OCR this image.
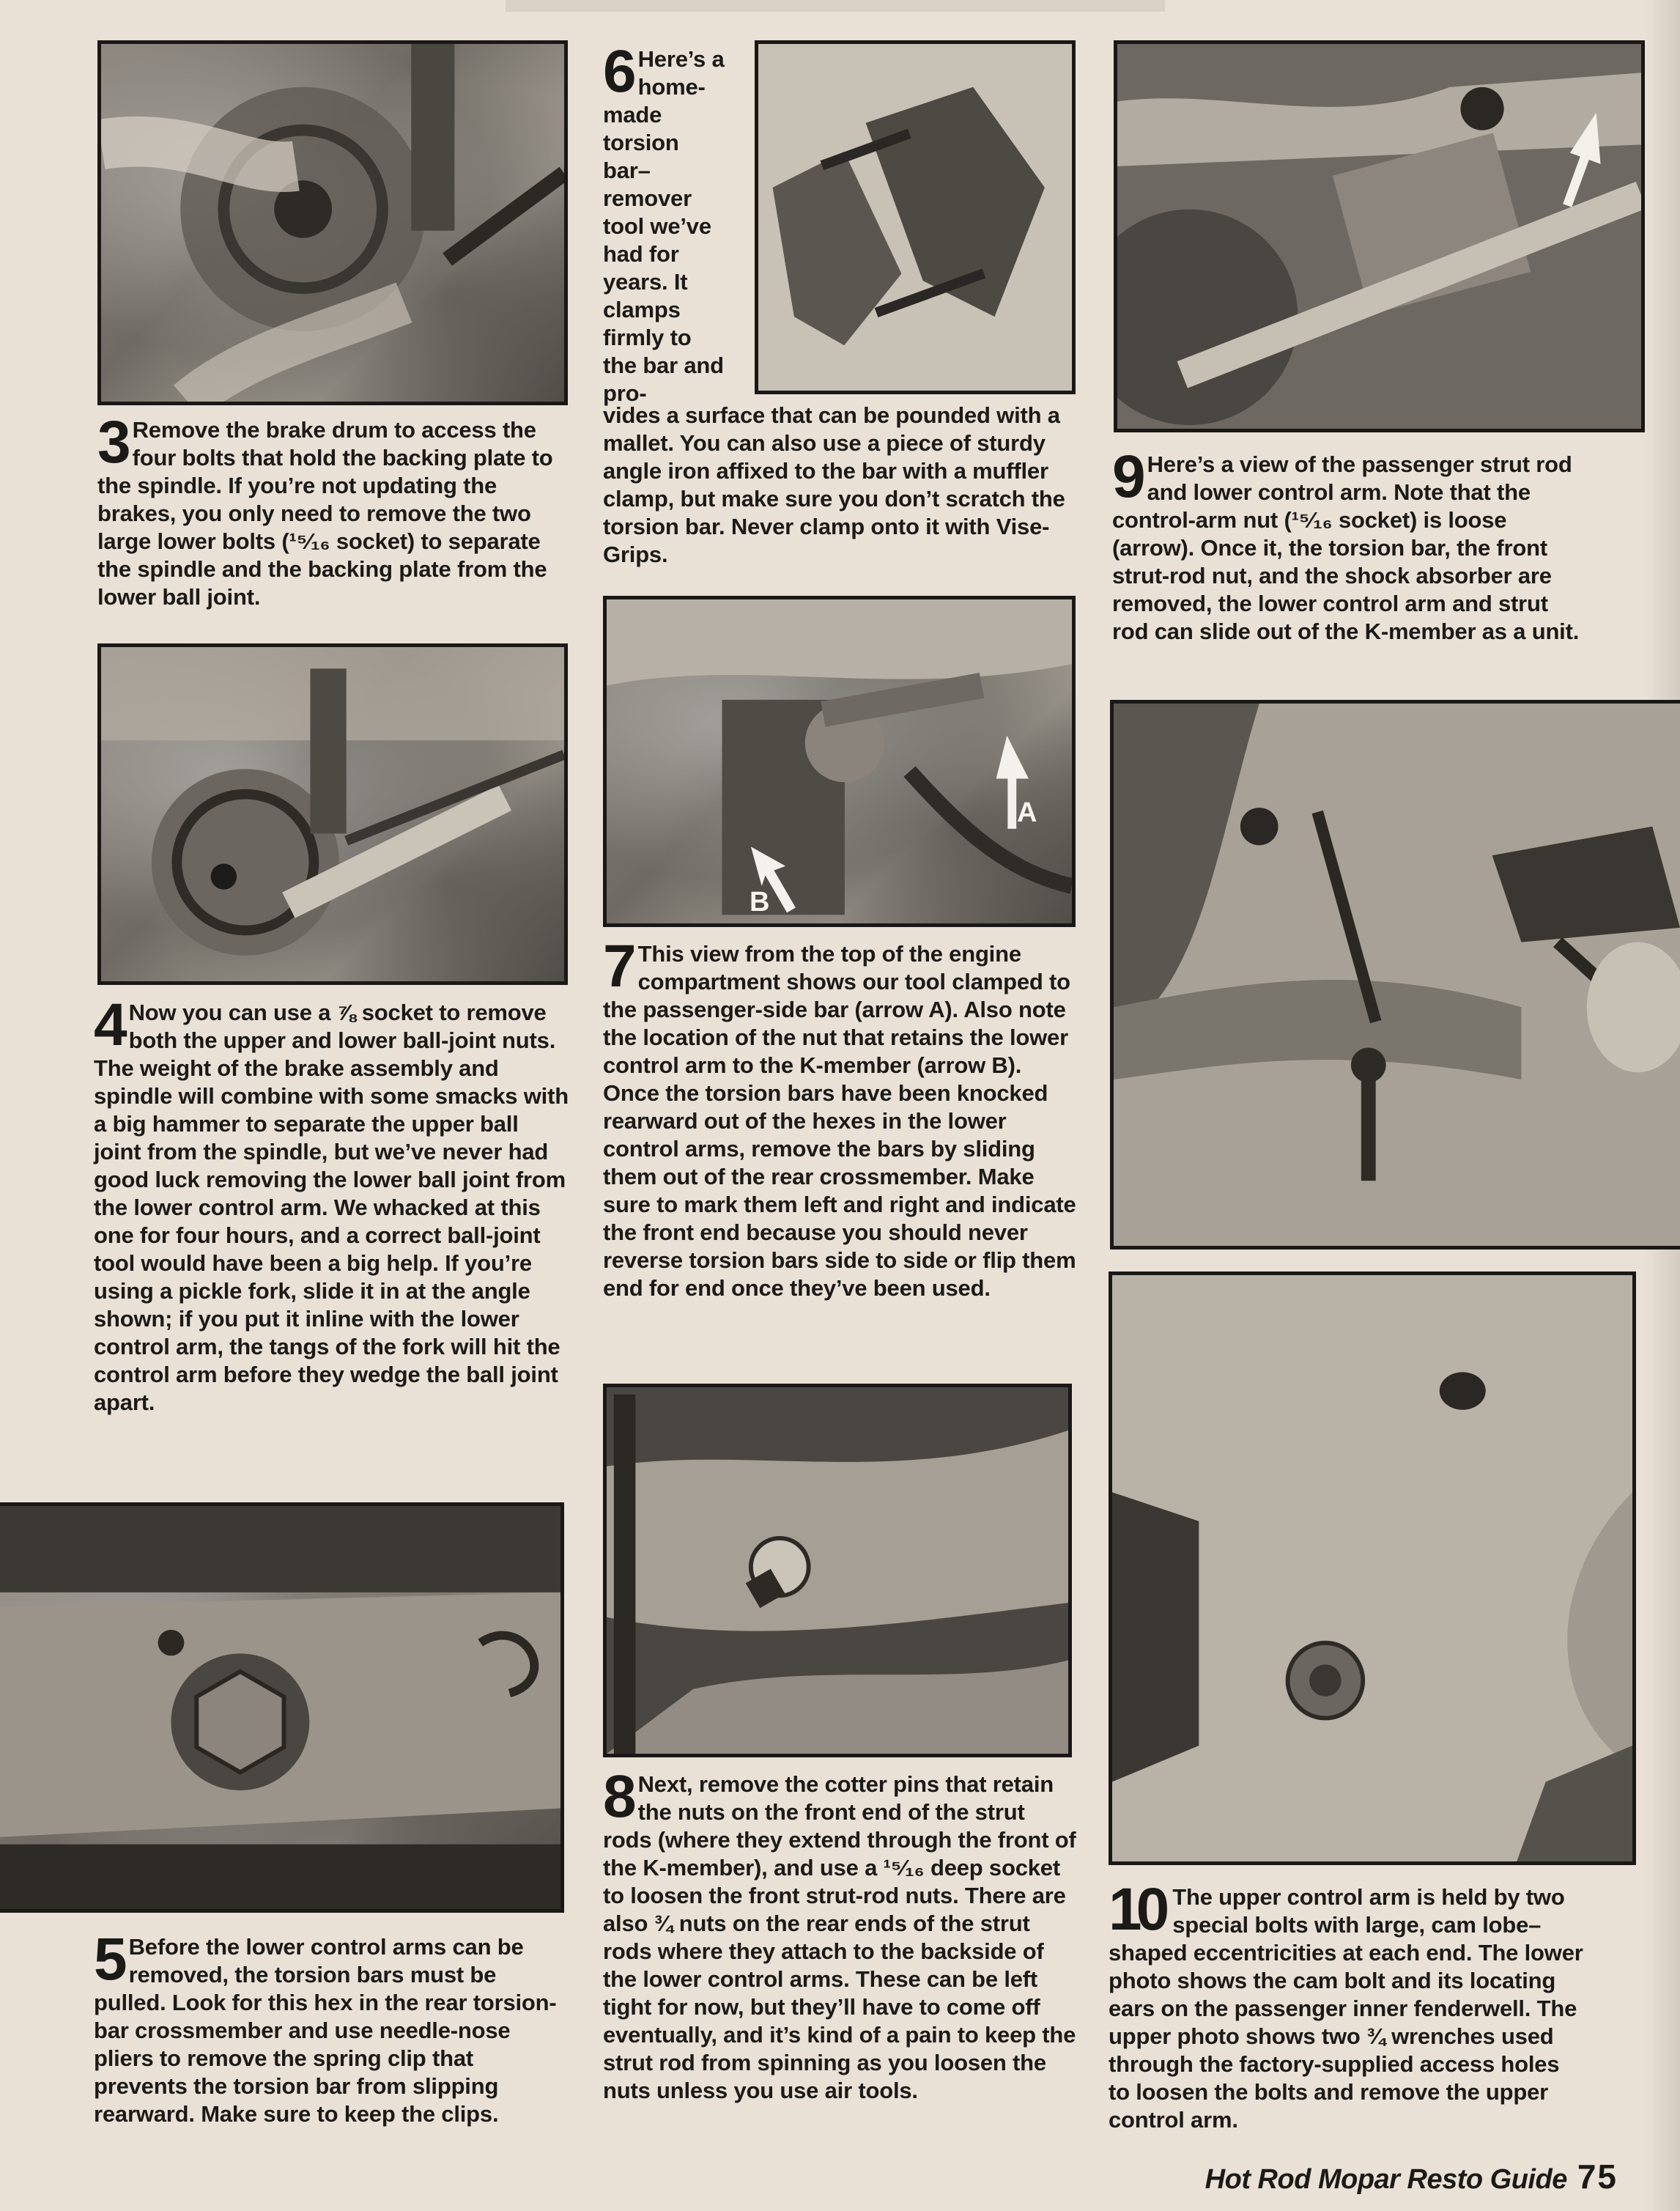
3 Remove the brake drum to access the four bolts that hold the backing plate to the spindle. If you’re not updating the brakes, you only need to remove the two large lower bolts (¹⁵⁄₁₆ socket) to separate the spindle and the backing plate from the lower ball joint.

4 Now you can use a ⅞ socket to remove both the upper and lower ball-joint nuts. The weight of the brake assembly and spindle will combine with some smacks with a big hammer to separate the upper ball joint from the spindle, but we’ve never had good luck removing the lower ball joint from the lower control arm. We whacked at this one for four hours, and a correct ball-joint tool would have been a big help. If you’re using a pickle fork, slide it in at the angle shown; if you put it inline with the lower control arm, the tangs of the fork will hit the control arm before they wedge the ball joint apart.

5 Before the lower control arms can be removed, the torsion bars must be pulled. Look for this hex in the rear torsion-bar crossmember and use needle-nose pliers to remove the spring clip that prevents the torsion bar from slipping rearward. Make sure to keep the clips.

6 Here’s a home-made torsion bar–remover tool we’ve had for years. It clamps firmly to the bar and pro-

vides a surface that can be pounded with a mallet. You can also use a piece of sturdy angle iron affixed to the bar with a muffler clamp, but make sure you don’t scratch the torsion bar. Never clamp onto it with Vise-Grips.

A
B

7 This view from the top of the engine compartment shows our tool clamped to the passenger-side bar (arrow A). Also note the location of the nut that retains the lower control arm to the K-member (arrow B). Once the torsion bars have been knocked rearward out of the hexes in the lower control arms, remove the bars by sliding them out of the rear crossmember. Make sure to mark them left and right and indicate the front end because you should never reverse torsion bars side to side or flip them end for end once they’ve been used.

8 Next, remove the cotter pins that retain the nuts on the front end of the strut rods (where they extend through the front of the K-member), and use a ¹⁵⁄₁₆ deep socket to loosen the front strut-rod nuts. There are also ¾ nuts on the rear ends of the strut rods where they attach to the backside of the lower control arms. These can be left tight for now, but they’ll have to come off eventually, and it’s kind of a pain to keep the strut rod from spinning as you loosen the nuts unless you use air tools.

9 Here’s a view of the passenger strut rod and lower control arm. Note that the control-arm nut (¹⁵⁄₁₆ socket) is loose (arrow). Once it, the torsion bar, the front strut-rod nut, and the shock absorber are removed, the lower control arm and strut rod can slide out of the K-member as a unit.

10 The upper control arm is held by two special bolts with large, cam lobe–shaped eccentricities at each end. The lower photo shows the cam bolt and its locating ears on the passenger inner fenderwell. The upper photo shows two ¾ wrenches used through the factory-supplied access holes to loosen the bolts and remove the upper control arm.

Hot Rod Mopar Resto Guide 75
